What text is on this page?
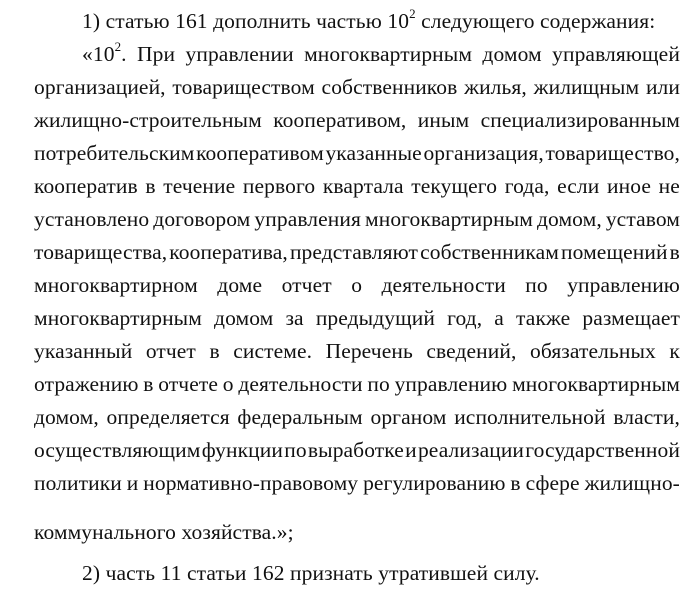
1) статью 161 дополнить частью $10^2$ следующего содержания:
«$10^2$. При управлении многоквартирным домом управляющей
организацией, товариществом собственников жилья, жилищным или
жилищно-строительным кооперативом, иным специализированным
потребительским кооперативом указанные организация, товарищество,
кооператив в течение первого квартала текущего года, если иное не
установлено договором управления многоквартирным домом, уставом
товарищества, кооператива, представляют собственникам помещений в
многоквартирном доме отчет о деятельности по управлению
многоквартирным домом за предыдущий год, а также размещает
указанный отчет в системе. Перечень сведений, обязательных к
отражению в отчете о деятельности по управлению многоквартирным
домом, определяется федеральным органом исполнительной власти,
осуществляющим функции по выработке и реализации государственной
политики и нормативно-правовому регулированию в сфере жилищно-
коммунального хозяйства.»;
2) часть 11 статьи 162 признать утратившей силу.
